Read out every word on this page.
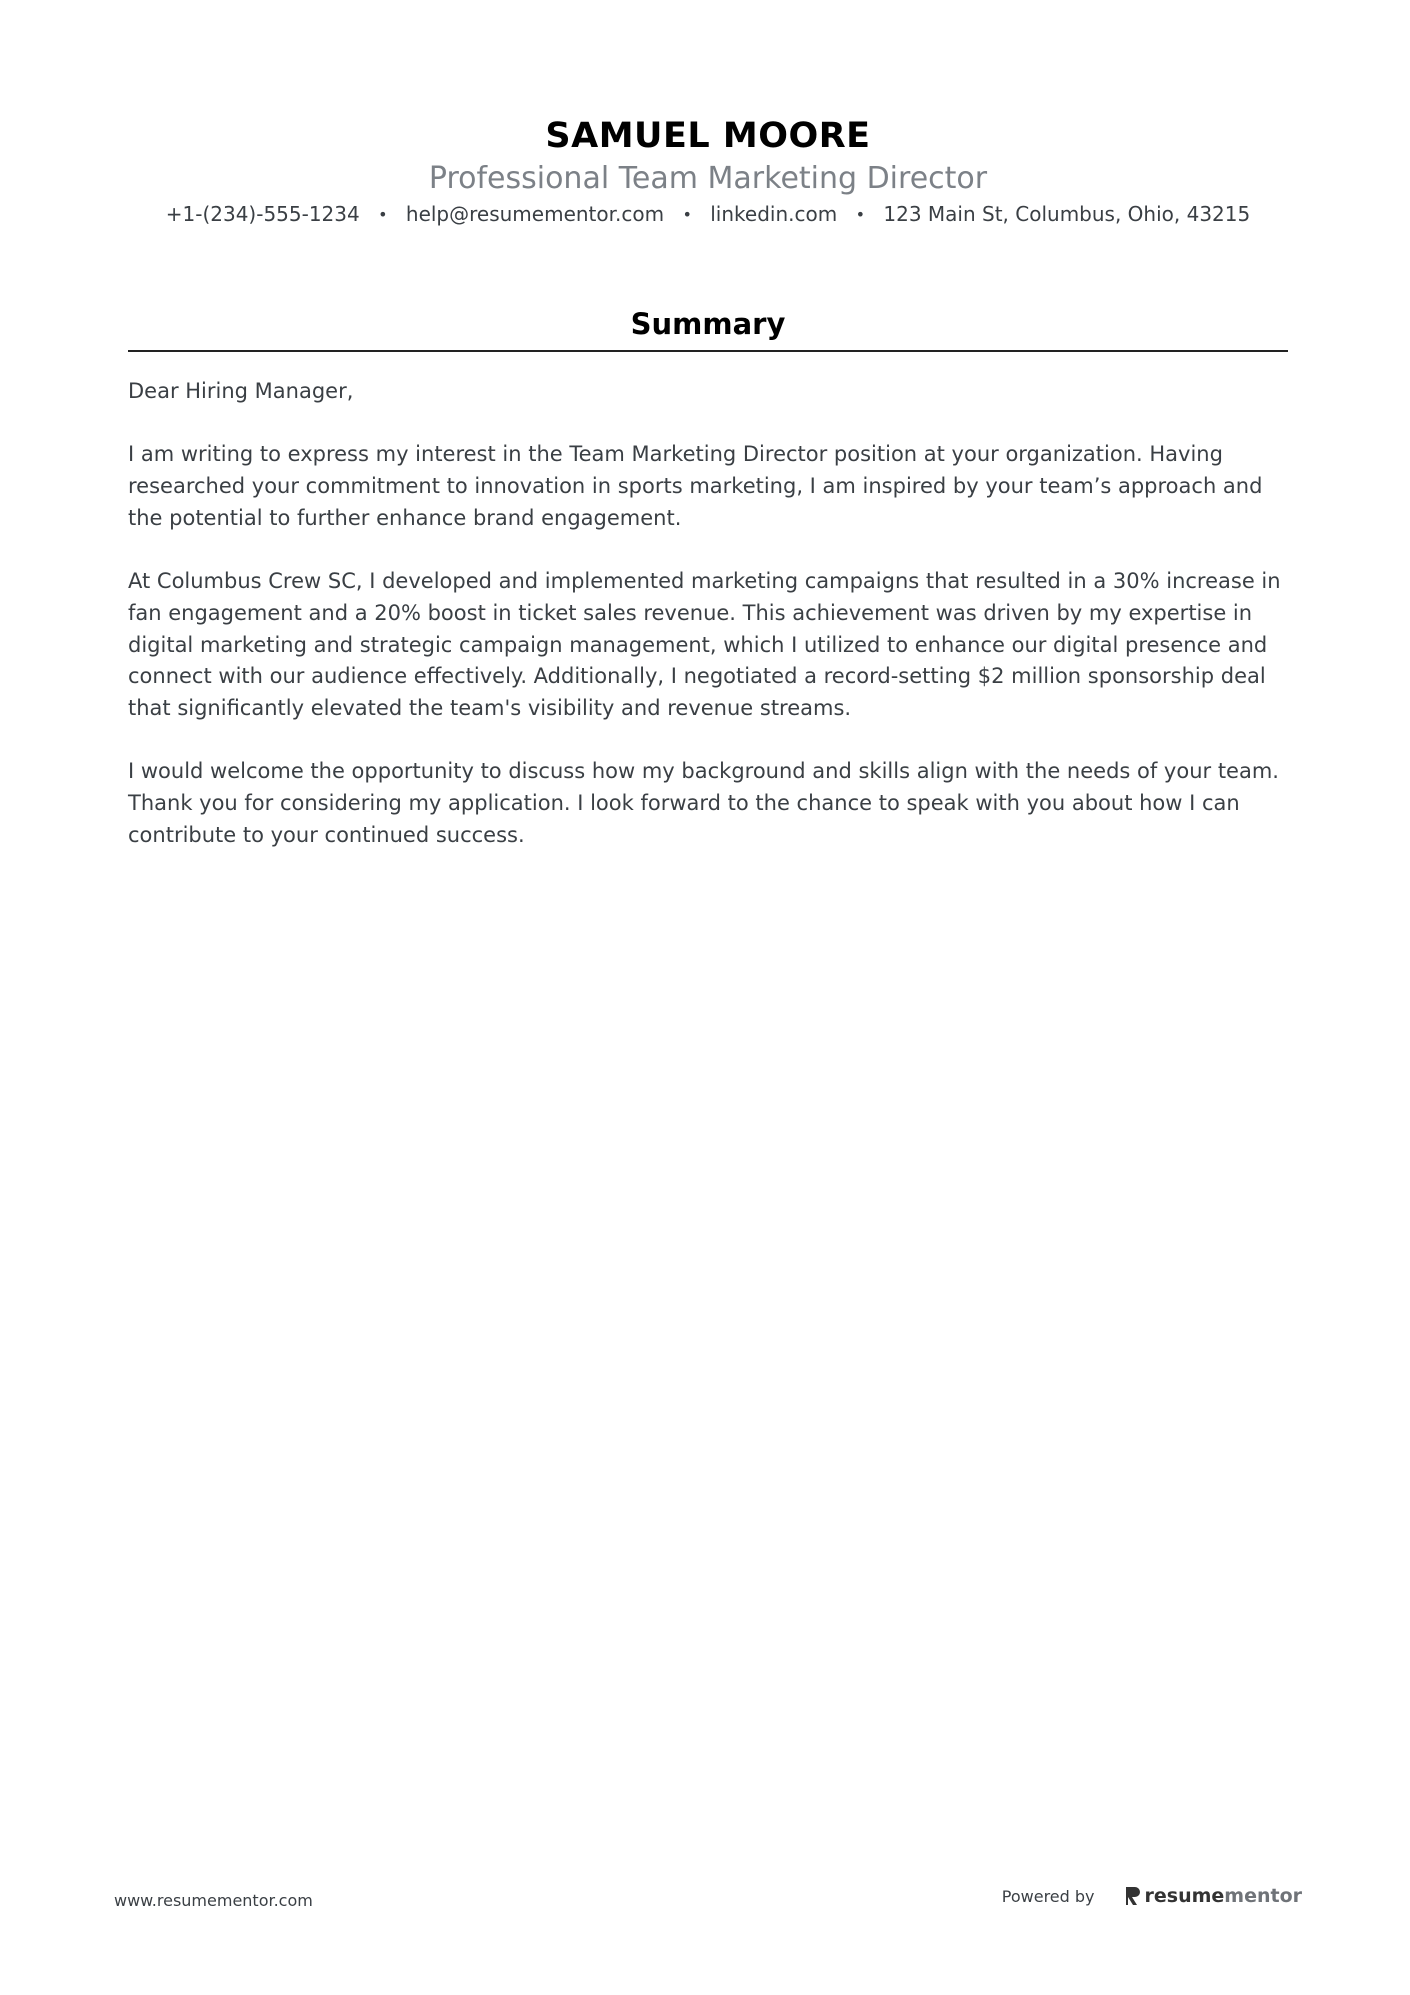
SAMUEL MOORE
Professional Team Marketing Director
+1-(234)-555-1234 • help@resumementor.com • linkedin.com • 123 Main St, Columbus, Ohio, 43215
Summary

Dear Hiring Manager,

I am writing to express my interest in the Team Marketing Director position at your organization. Having researched your commitment to innovation in sports marketing, I am inspired by your team’s approach and the potential to further enhance brand engagement.

At Columbus Crew SC, I developed and implemented marketing campaigns that resulted in a 30% increase in fan engagement and a 20% boost in ticket sales revenue. This achievement was driven by my expertise in digital marketing and strategic campaign management, which I utilized to enhance our digital presence and connect with our audience effectively. Additionally, I negotiated a record-setting $2 million sponsorship deal that significantly elevated the team's visibility and revenue streams.

I would welcome the opportunity to discuss how my background and skills align with the needs of your team. Thank you for considering my application. I look forward to the chance to speak with you about how I can contribute to your continued success.

www.resumementor.com	Powered by	resume mentor
